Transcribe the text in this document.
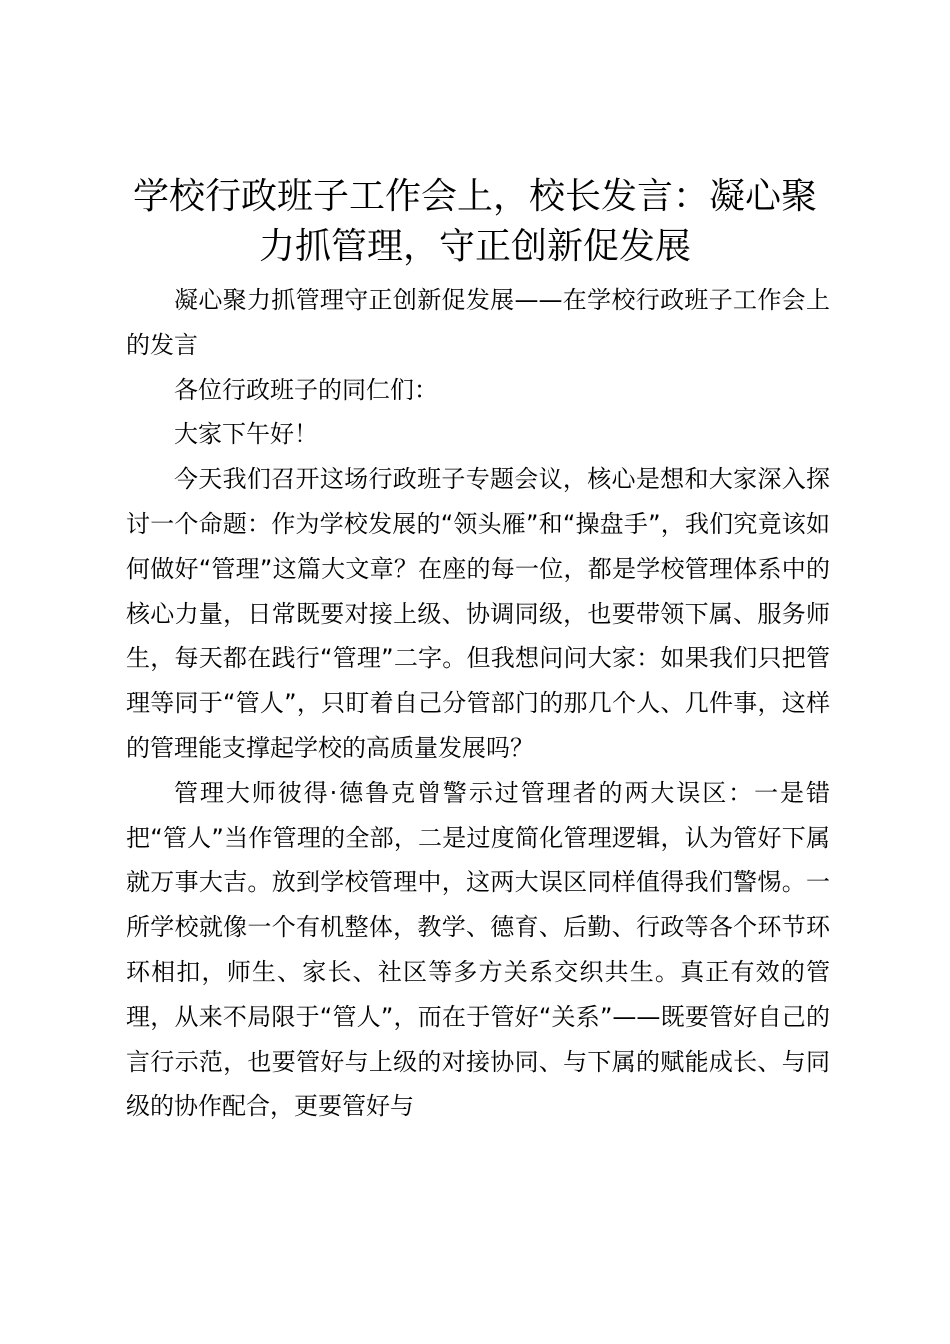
学校行政班子工作会上，校长发言：凝心聚力抓管理，守正创新促发展

凝心聚力抓管理守正创新促发展——在学校行政班子工作会上的发言

各位行政班子的同仁们：

大家下午好！

今天我们召开这场行政班子专题会议，核心是想和大家深入探讨一个命题：作为学校发展的“领头雁”和“操盘手”，我们究竟该如何做好“管理”这篇大文章？在座的每一位，都是学校管理体系中的核心力量，日常既要对接上级、协调同级，也要带领下属、服务师生，每天都在践行“管理”二字。但我想问问大家：如果我们只把管理等同于“管人”，只盯着自己分管部门的那几个人、几件事，这样的管理能支撑起学校的高质量发展吗？

管理大师彼得·德鲁克曾警示过管理者的两大误区：一是错把“管人”当作管理的全部，二是过度简化管理逻辑，认为管好下属就万事大吉。放到学校管理中，这两大误区同样值得我们警惕。一所学校就像一个有机整体，教学、德育、后勤、行政等各个环节环环相扣，师生、家长、社区等多方关系交织共生。真正有效的管理，从来不局限于“管人”，而在于管好“关系”——既要管好自己的言行示范，也要管好与上级的对接协同、与下属的赋能成长、与同级的协作配合，更要管好与
